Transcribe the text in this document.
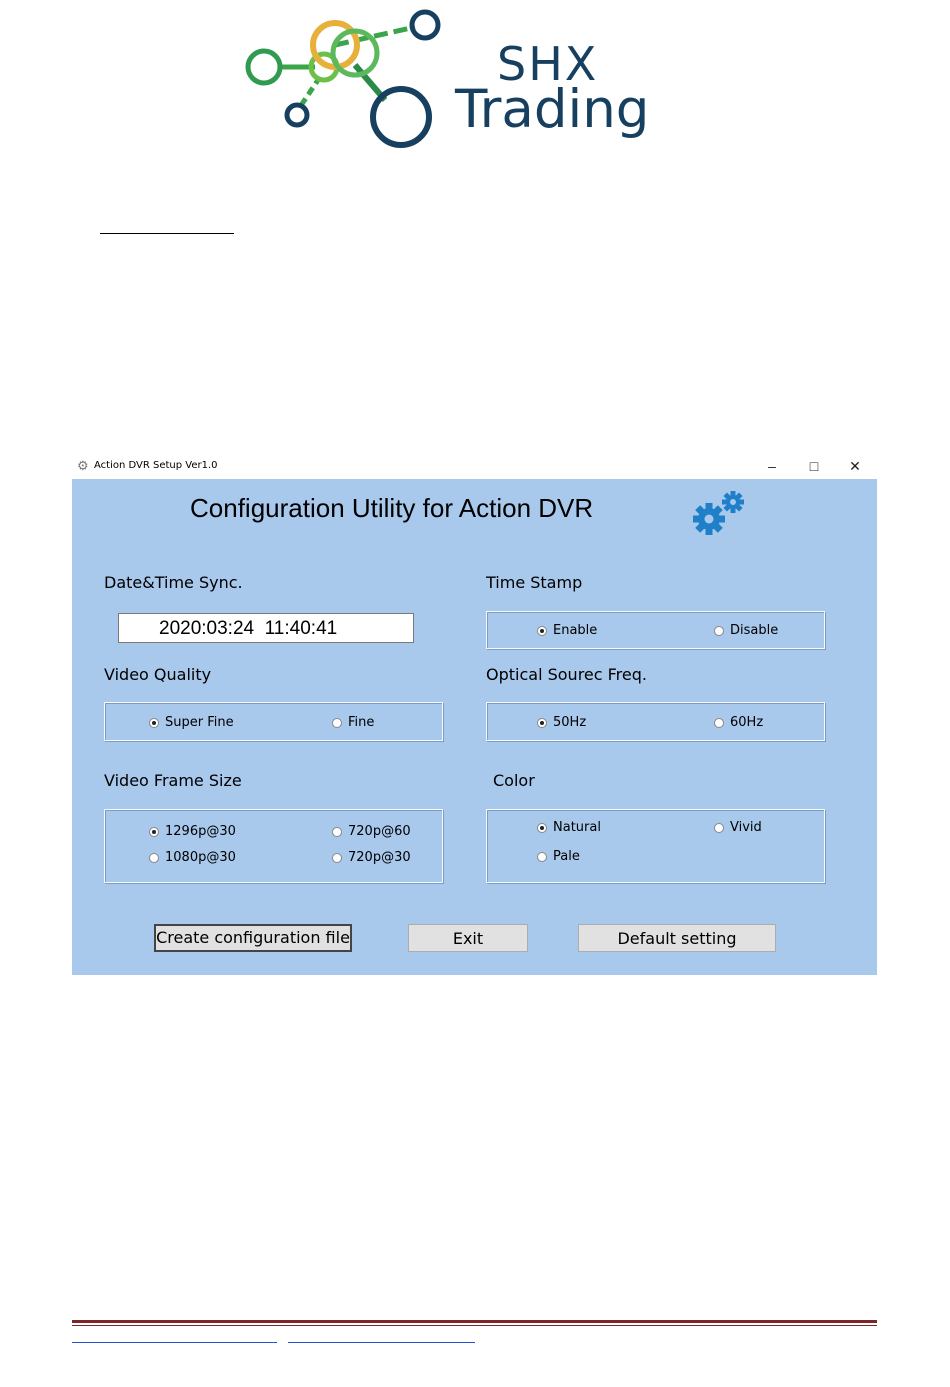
SHX
Trading
⚙ Action DVR Setup Ver1.0	–	□	✕
Configuration Utility for Action DVR
Date&Time Sync.
2020:03:24  11:40:41
Time Stamp
Enable	Disable
Video Quality
Super Fine	Fine
Optical Sourec Freq.
50Hz	60Hz
Video Frame Size
1296p@30	720p@60
1080p@30	720p@30
Color
Natural	Vivid
Pale
Create configuration file	Exit	Default setting
